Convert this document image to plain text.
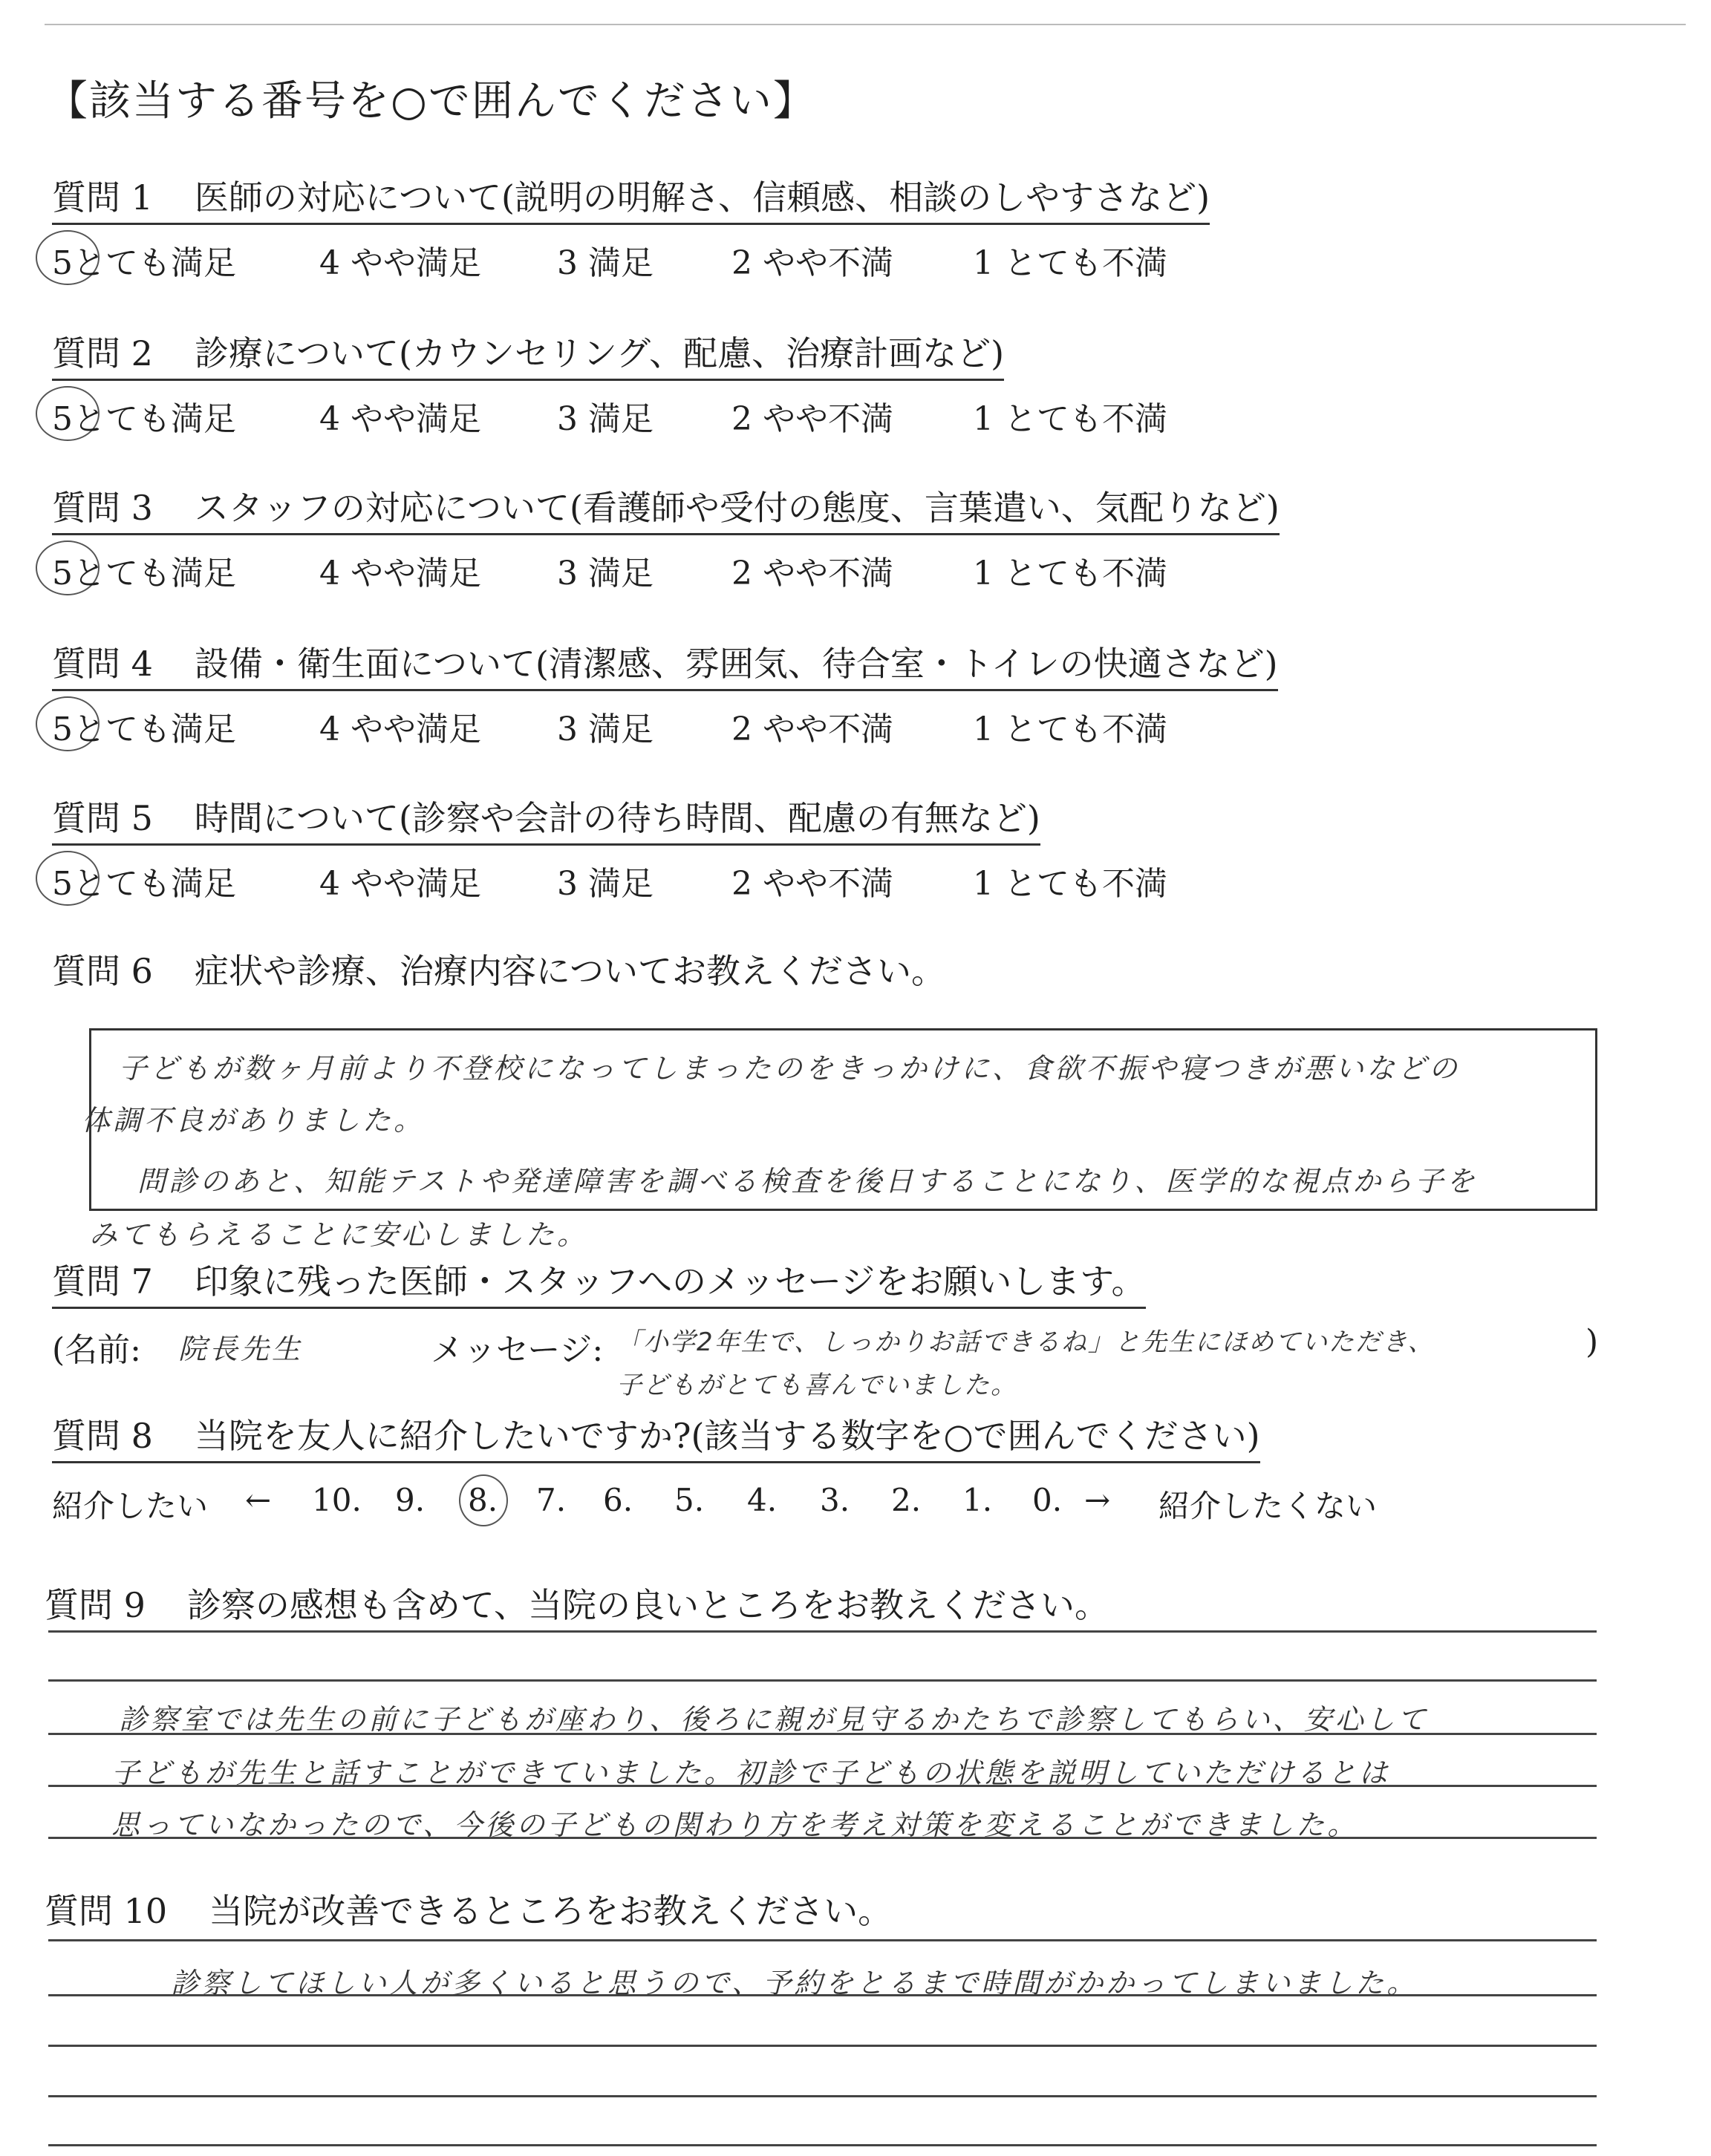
【該当する番号を○で囲んでください】
質問 1 医師の対応について(説明の明解さ、信頼感、相談のしやすさなど)
5とても満足	4 やや満足 3 満足 2 やや不満 1 とても不満
質問 2 診療について(カウンセリング、配慮、治療計画など)
5とても満足	4 やや満足 3 満足 2 やや不満 1 とても不満
質問 3 スタッフの対応について(看護師や受付の態度、言葉遣い、気配りなど)
5とても満足	4 やや満足 3 満足 2 やや不満 1 とても不満
質問 4 設備・衛生面について(清潔感、雰囲気、待合室・トイレの快適さなど)
5とても満足	4 やや満足 3 満足 2 やや不満 1 とても不満
質問 5 時間について(診察や会計の待ち時間、配慮の有無など)
5とても満足	4 やや満足 3 満足 2 やや不満 1 とても不満
質問 6 症状や診療、治療内容についてお教えください。
子どもが数ヶ月前より不登校になってしまったのをきっかけに、食欲不振や寝つきが悪いなどの
体調不良がありました。
問診のあと、知能テストや発達障害を調べる検査を後日することになり、医学的な視点から子を
みてもらえることに安心しました。
質問 7 印象に残った医師・スタッフへのメッセージをお願いします。
(名前: 院長先生	メッセージ: 「小学2年生で、しっかりお話できるね」と先生にほめていただき、
子どもがとても喜んでいました。
)
質問 8 当院を友人に紹介したいですか?(該当する数字を○で囲んでください)
紹介したい ← 10. 9. 8. 7. 6. 5. 4. 3. 2. 1. 0. → 紹介したくない
質問 9 診察の感想も含めて、当院の良いところをお教えください。
診察室では先生の前に子どもが座わり、後ろに親が見守るかたちで診察してもらい、安心して
子どもが先生と話すことができていました。初診で子どもの状態を説明していただけるとは
思っていなかったので、今後の子どもの関わり方を考え対策を変えることができました。
質問 10 当院が改善できるところをお教えください。
診察してほしい人が多くいると思うので、予約をとるまで時間がかかってしまいました。
